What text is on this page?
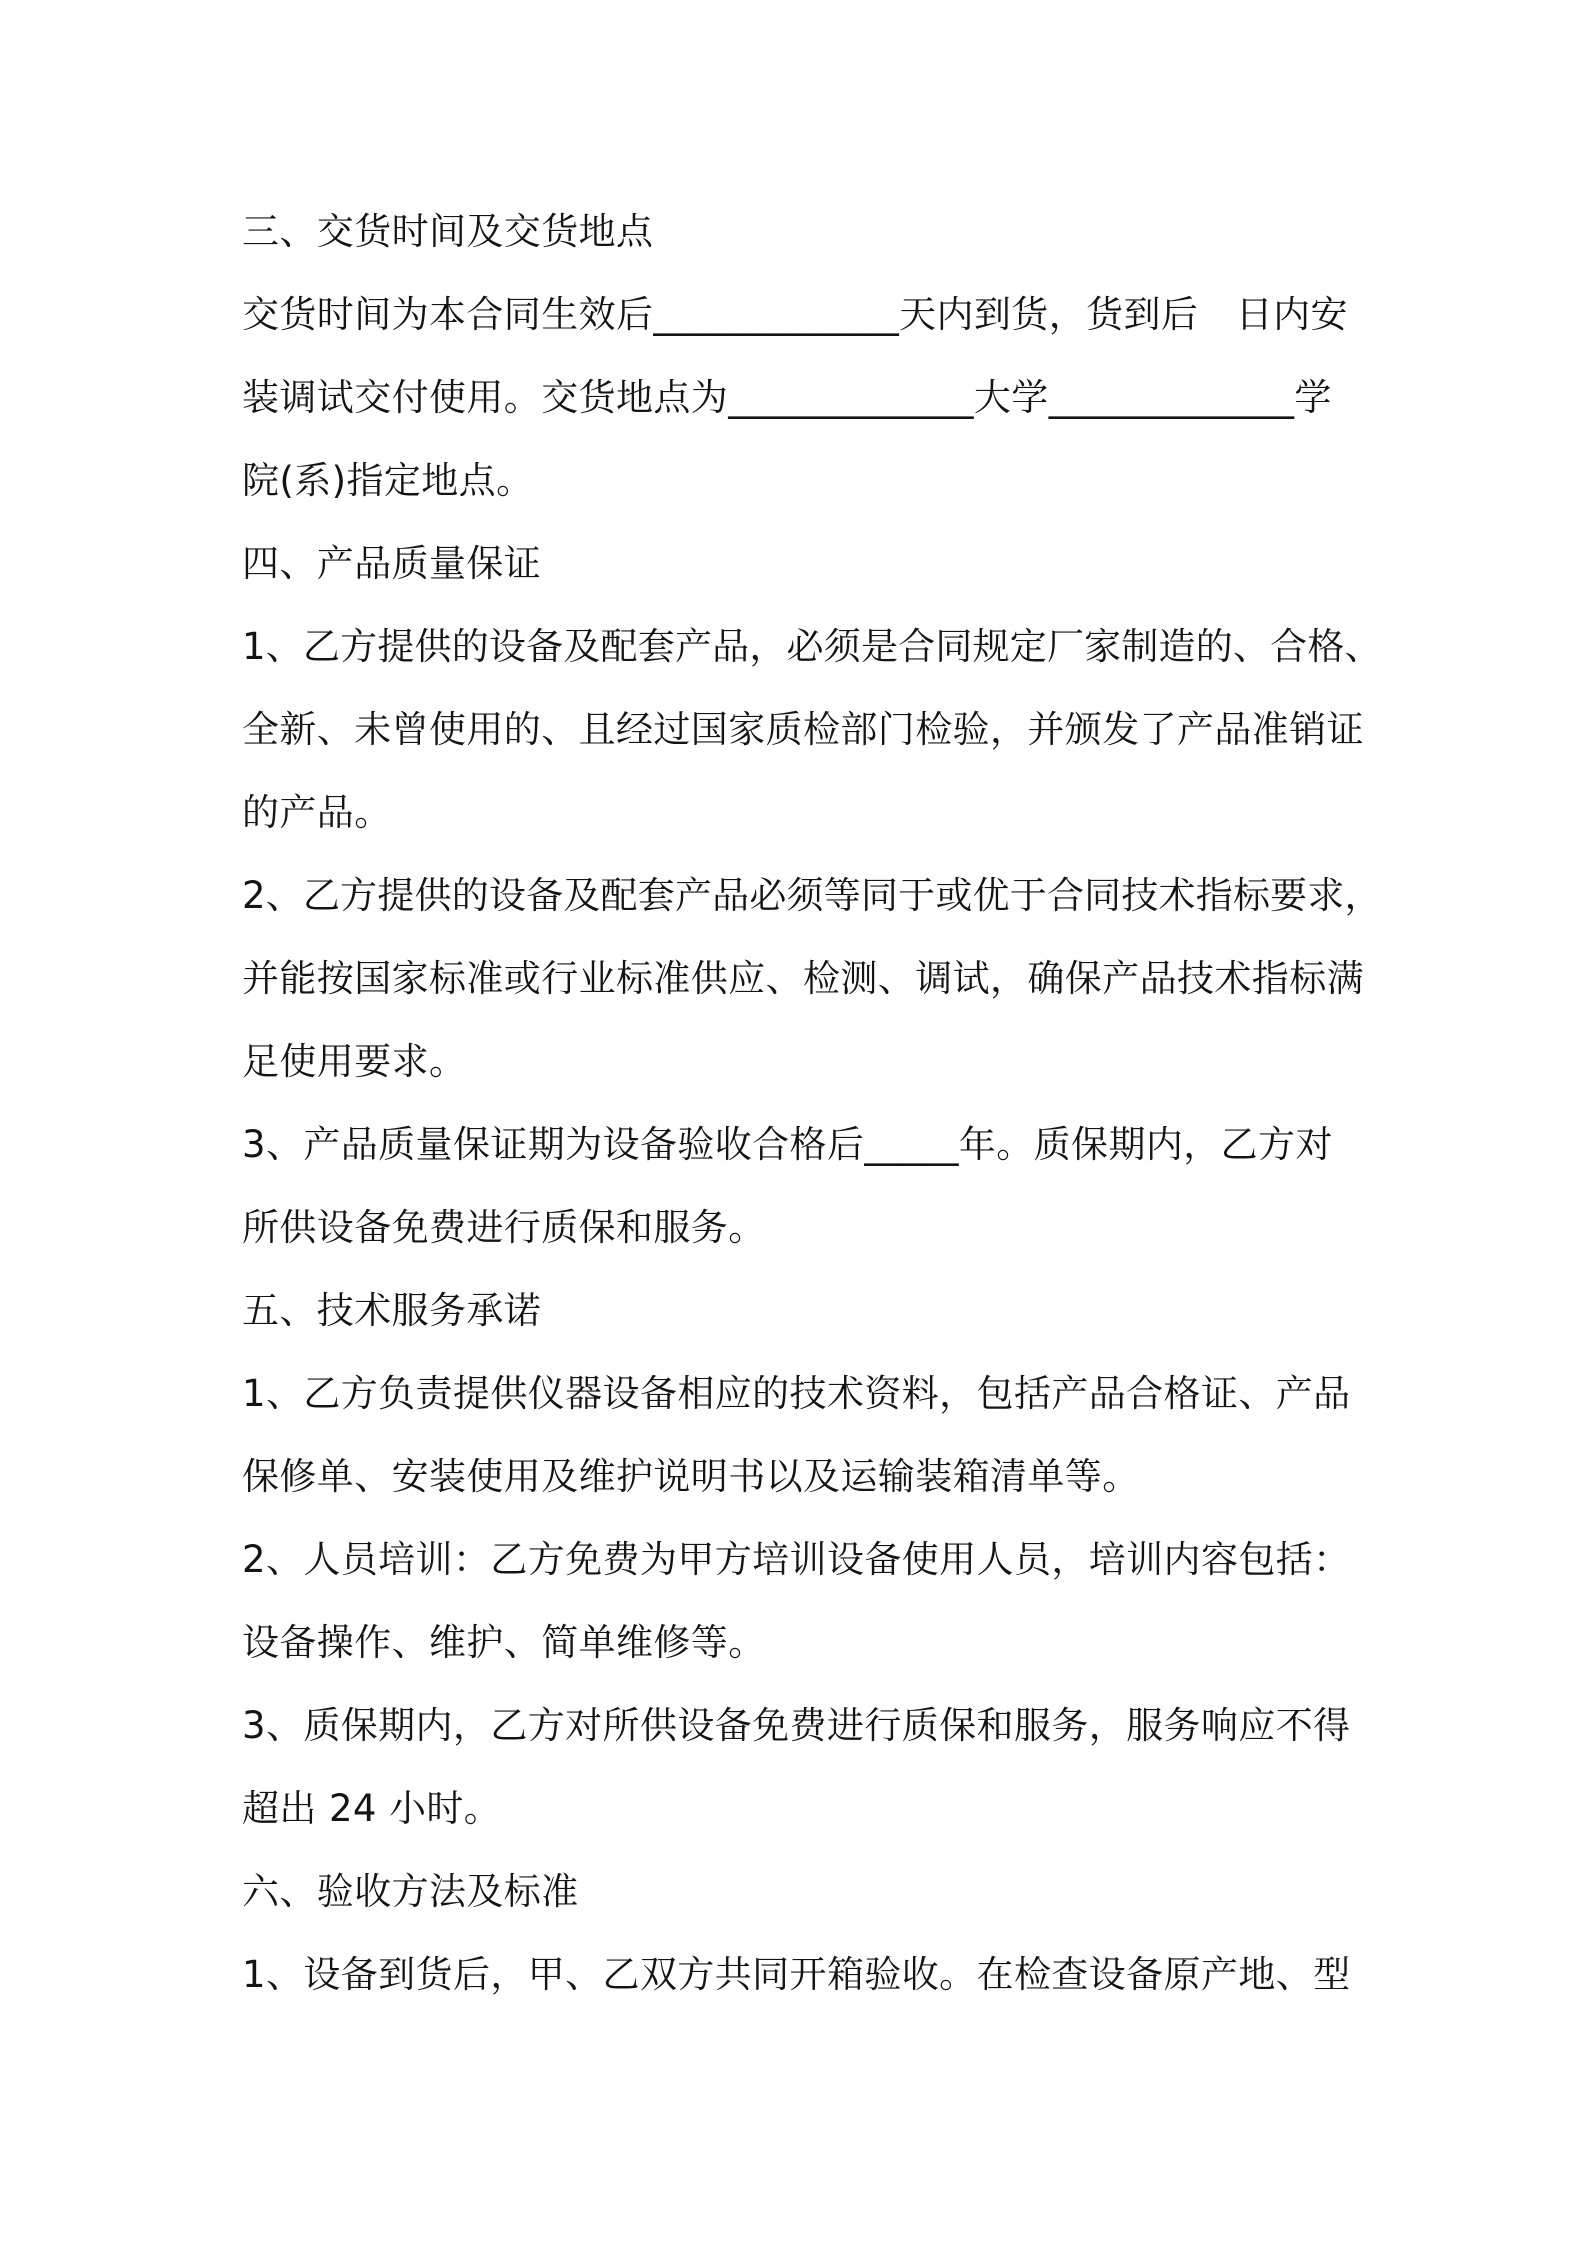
三、交货时间及交货地点
交货时间为本合同生效后_____________天内到货，货到后　日内安
装调试交付使用。交货地点为_____________大学_____________学
院(系)指定地点。
四、产品质量保证
1、乙方提供的设备及配套产品，必须是合同规定厂家制造的、合格、
全新、未曾使用的、且经过国家质检部门检验，并颁发了产品准销证
的产品。
2、乙方提供的设备及配套产品必须等同于或优于合同技术指标要求，
并能按国家标准或行业标准供应、检测、调试，确保产品技术指标满
足使用要求。
3、产品质量保证期为设备验收合格后_____年。质保期内，乙方对
所供设备免费进行质保和服务。
五、技术服务承诺
1、乙方负责提供仪器设备相应的技术资料，包括产品合格证、产品
保修单、安装使用及维护说明书以及运输装箱清单等。
2、人员培训：乙方免费为甲方培训设备使用人员，培训内容包括：
设备操作、维护、简单维修等。
3、质保期内，乙方对所供设备免费进行质保和服务，服务响应不得
超出 24 小时。
六、验收方法及标准
1、设备到货后，甲、乙双方共同开箱验收。在检查设备原产地、型
